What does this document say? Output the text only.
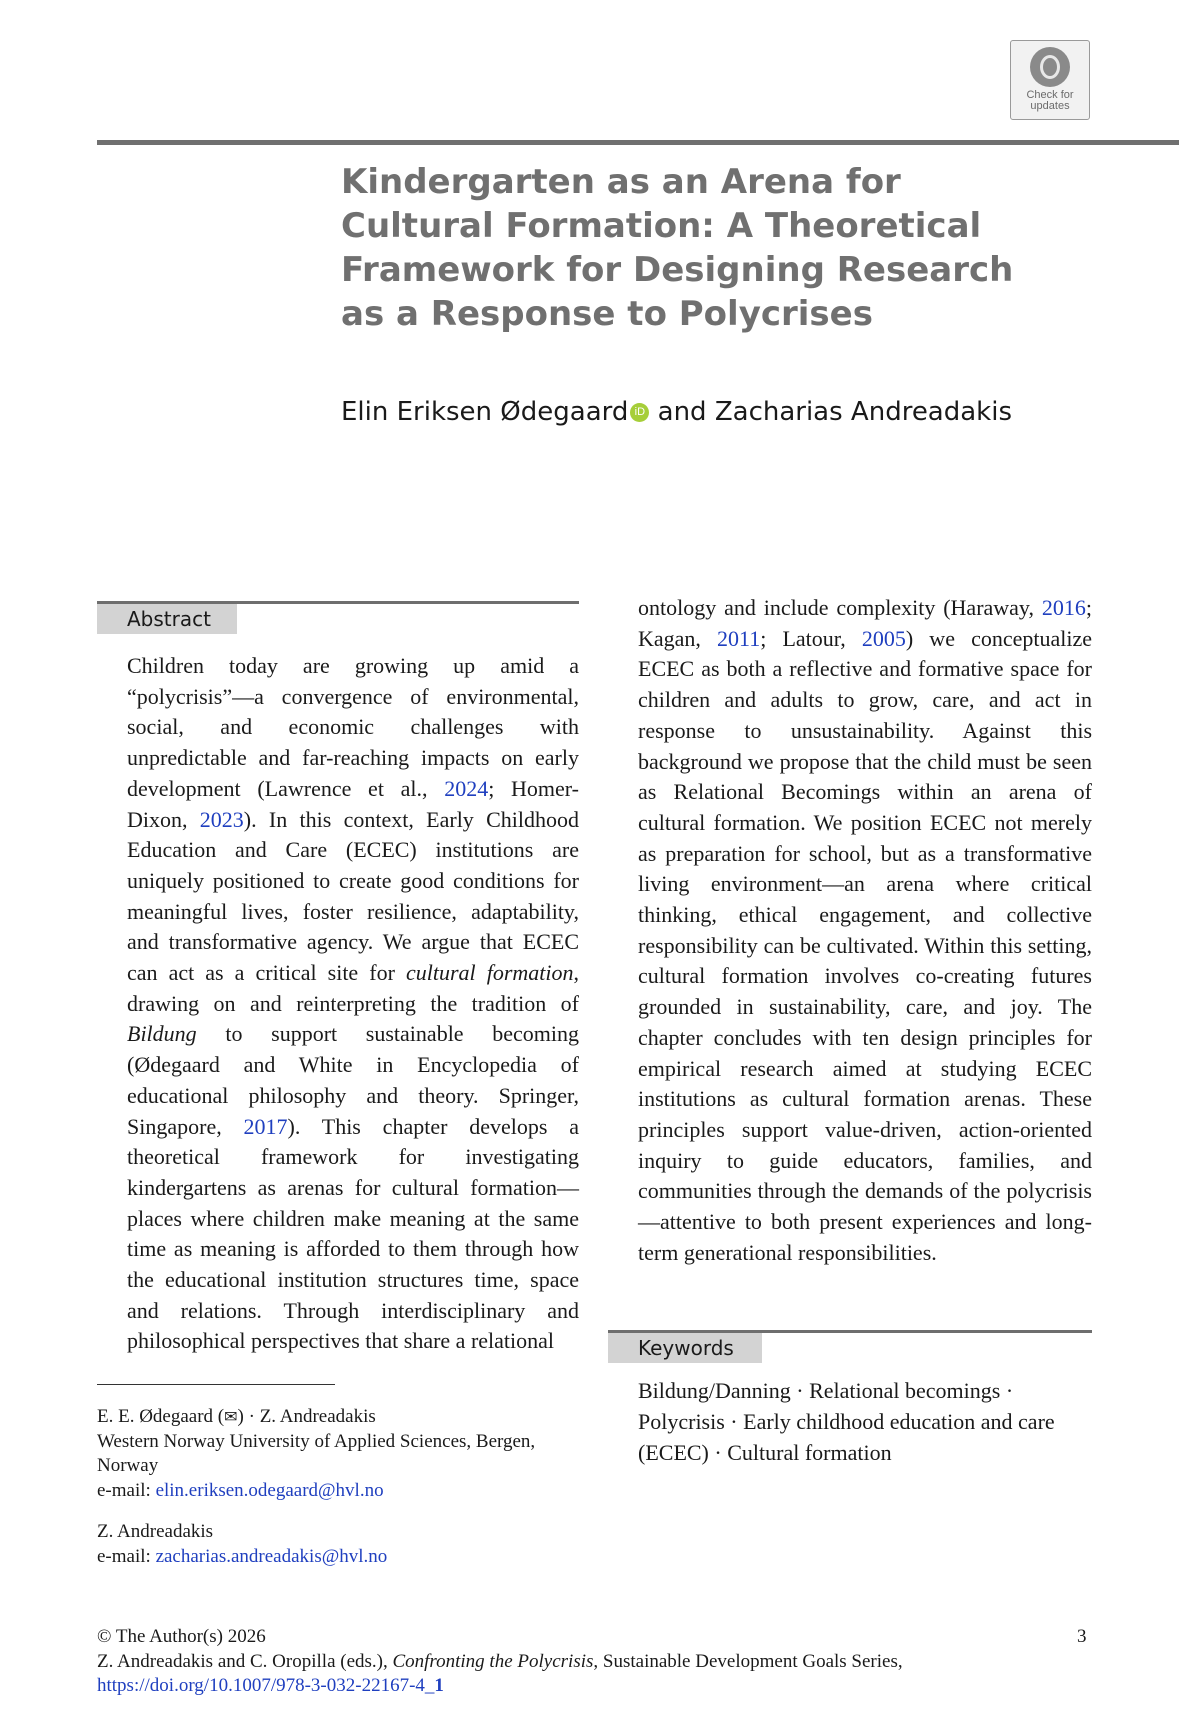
Check for
updates
Kindergarten as an Arena for Cultural Formation: A Theoretical Framework for Designing Research as a Response to Polycrises
Elin Eriksen Ødegaard iD and Zacharias Andreadakis
Abstract

Children today are growing up amid a “polycrisis”—a convergence of environmental, social, and economic challenges with unpredictable and far-reaching impacts on early development (Lawrence et al., 2024; Homer-Dixon, 2023). In this context, Early Childhood Education and Care (ECEC) institutions are uniquely positioned to create good conditions for meaningful lives, foster resilience, adaptability, and transformative agency. We argue that ECEC can act as a critical site for cultural formation, drawing on and reinterpreting the tradition of Bildung to support sustainable becoming (Ødegaard and White in Encyclopedia of educational philosophy and theory. Springer, Singapore, 2017). This chapter develops a theoretical framework for investigating kindergartens as arenas for cultural formation—places where children make meaning at the same time as meaning is afforded to them through how the educational institution structures time, space and relations. Through interdisciplinary and philosophical perspectives that share a relational

ontology and include complexity (Haraway, 2016; Kagan, 2011; Latour, 2005) we conceptualize ECEC as both a reflective and formative space for children and adults to grow, care, and act in response to unsustainability. Against this background we propose that the child must be seen as Relational Becomings within an arena of cultural formation. We position ECEC not merely as preparation for school, but as a transformative living environment—an arena where critical thinking, ethical engagement, and collective responsibility can be cultivated. Within this setting, cultural formation involves co-creating futures grounded in sustainability, care, and joy. The chapter concludes with ten design principles for empirical research aimed at studying ECEC institutions as cultural formation arenas. These principles support value-driven, action-oriented inquiry to guide educators, families, and communities through the demands of the polycrisis—attentive to both present experiences and long-term generational responsibilities.

Keywords

Bildung/Danning · Relational becomings · Polycrisis · Early childhood education and care (ECEC) · Cultural formation

E. E. Ødegaard (✉) · Z. Andreadakis
Western Norway University of Applied Sciences, Bergen, Norway
e-mail: elin.eriksen.odegaard@hvl.no

Z. Andreadakis
e-mail: zacharias.andreadakis@hvl.no

© The Author(s) 2026
Z. Andreadakis and C. Oropilla (eds.), Confronting the Polycrisis, Sustainable Development Goals Series, https://doi.org/10.1007/978-3-032-22167-4_1

3
